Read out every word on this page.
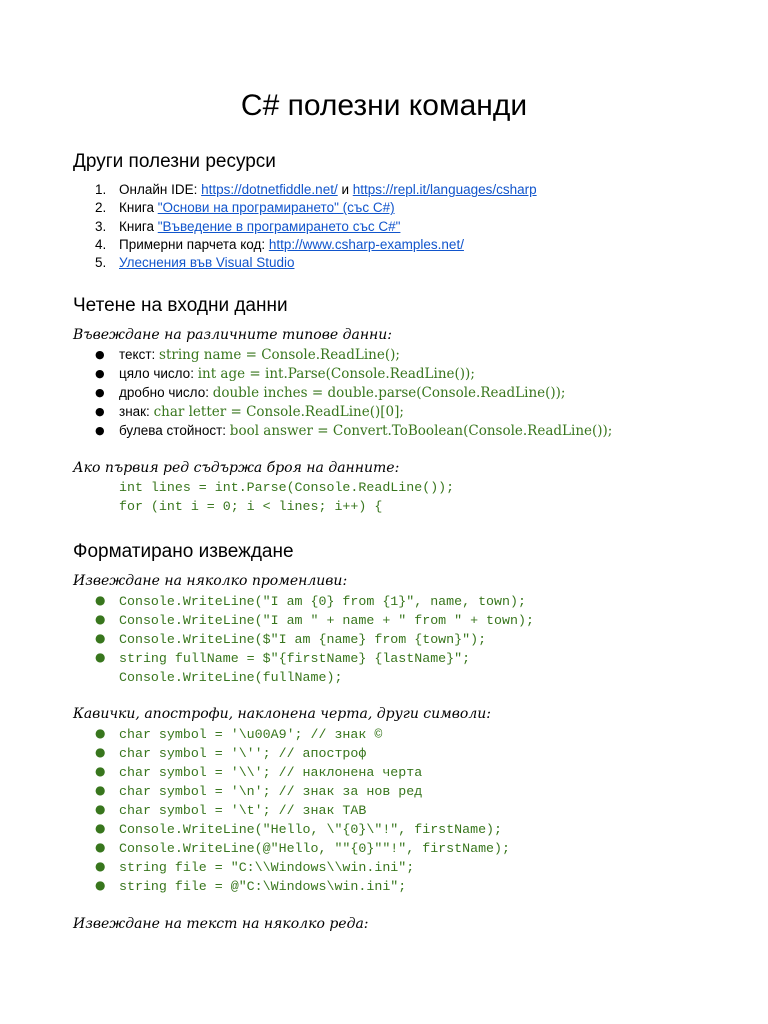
C# полезни команди
Други полезни ресурси
1. Онлайн IDE: https://dotnetfiddle.net/ и https://repl.it/languages/csharp
2. Книга "Основи на програмирането" (със C#)
3. Книга "Въведение в програмирането със C#"
4. Примерни парчета код: http://www.csharp-examples.net/
5. Улеснения във Visual Studio
Четене на входни данни

Въвеждане на различните типове данни:

● текст: string name = Console.ReadLine();
● цяло число: int age = int.Parse(Console.ReadLine());
● дробно число: double inches = double.parse(Console.ReadLine());
● знак: char letter = Console.ReadLine()[0];
● булева стойност: bool answer = Convert.ToBoolean(Console.ReadLine());

Ако първия ред съдържа броя на данните:

int lines = int.Parse(Console.ReadLine());
for (int i = 0; i < lines; i++) {
Форматирано извеждане

Извеждане на няколко променливи:

● Console.WriteLine("I am {0} from {1}", name, town);
● Console.WriteLine("I am " + name + " from " + town);
● Console.WriteLine($"I am {name} from {town}");
● string fullName = $"{firstName} {lastName}";
Console.WriteLine(fullName);

Кавички, апострофи, наклонена черта, други символи:

● char symbol = '\u00A9'; // знак ©
● char symbol = '\''; // апостроф
● char symbol = '\\'; // наклонена черта
● char symbol = '\n'; // знак за нов ред
● char symbol = '\t'; // знак TAB
● Console.WriteLine("Hello, \"{0}\"!", firstName);
● Console.WriteLine(@"Hello, ""{0}""!", firstName);
● string file = "C:\\Windows\\win.ini";
● string file = @"C:\Windows\win.ini";

Извеждане на текст на няколко реда:
